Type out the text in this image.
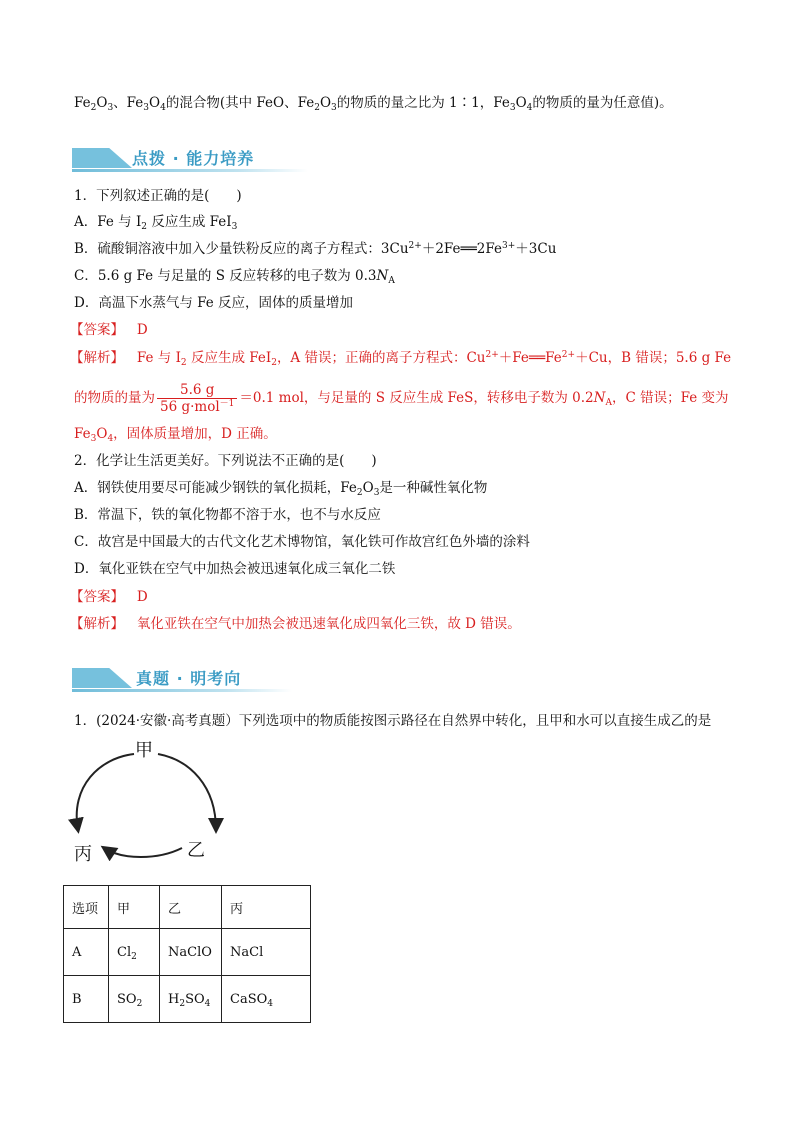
$Fe_2O_3$、$Fe_3O_4$的混合物(其中 FeO、$Fe_2O_3$的物质的量之比为 1∶1，$Fe_3O_4$的物质的量为任意值)。
点拨 · 能力培养
1．下列叙述正确的是(　　)
A．Fe 与 $I_2$ 反应生成 FeI$_3$
B．硫酸铜溶液中加入少量铁粉反应的离子方程式：$3Cu^{2+}+2Fe══2Fe^{3+}+3Cu$
C．5.6 g Fe 与足量的 S 反应转移的电子数为 $0.3N_A$
D．高温下水蒸气与 Fe 反应，固体的质量增加
【答案】 D
【解析】 Fe 与 $I_2$ 反应生成 FeI$_2$，A 错误；正确的离子方程式：$Cu^{2+}+Fe══Fe^{2+}+Cu$，B 错误；5.6 g Fe
的物质的量为 $\frac{5.6 g}{56 g\cdot mol^{-1}} =0.1$ mol，与足量的 S 反应生成 FeS，转移电子数为 $0.2N_A$，C 错误；Fe 变为
$Fe_3O_4$，固体质量增加，D 正确。
2．化学让生活更美好。下列说法不正确的是(　　)
A．钢铁使用要尽可能减少钢铁的氧化损耗，$Fe_2O_3$是一种碱性氧化物
B．常温下，铁的氧化物都不溶于水，也不与水反应
C．故宫是中国最大的古代文化艺术博物馆，氧化铁可作故宫红色外墙的涂料
D．氧化亚铁在空气中加热会被迅速氧化成三氧化二铁
【答案】 D
【解析】 氧化亚铁在空气中加热会被迅速氧化成四氧化三铁，故 D 错误。
真题 · 明考向
1．(2024·安徽·高考真题）下列选项中的物质能按图示路径在自然界中转化，且甲和水可以直接生成乙的是
甲
乙
丙
选项	甲	乙	丙
A	$Cl_2$	NaClO	NaCl
B	$SO_2$	$H_2SO_4$	CaSO$_4$
